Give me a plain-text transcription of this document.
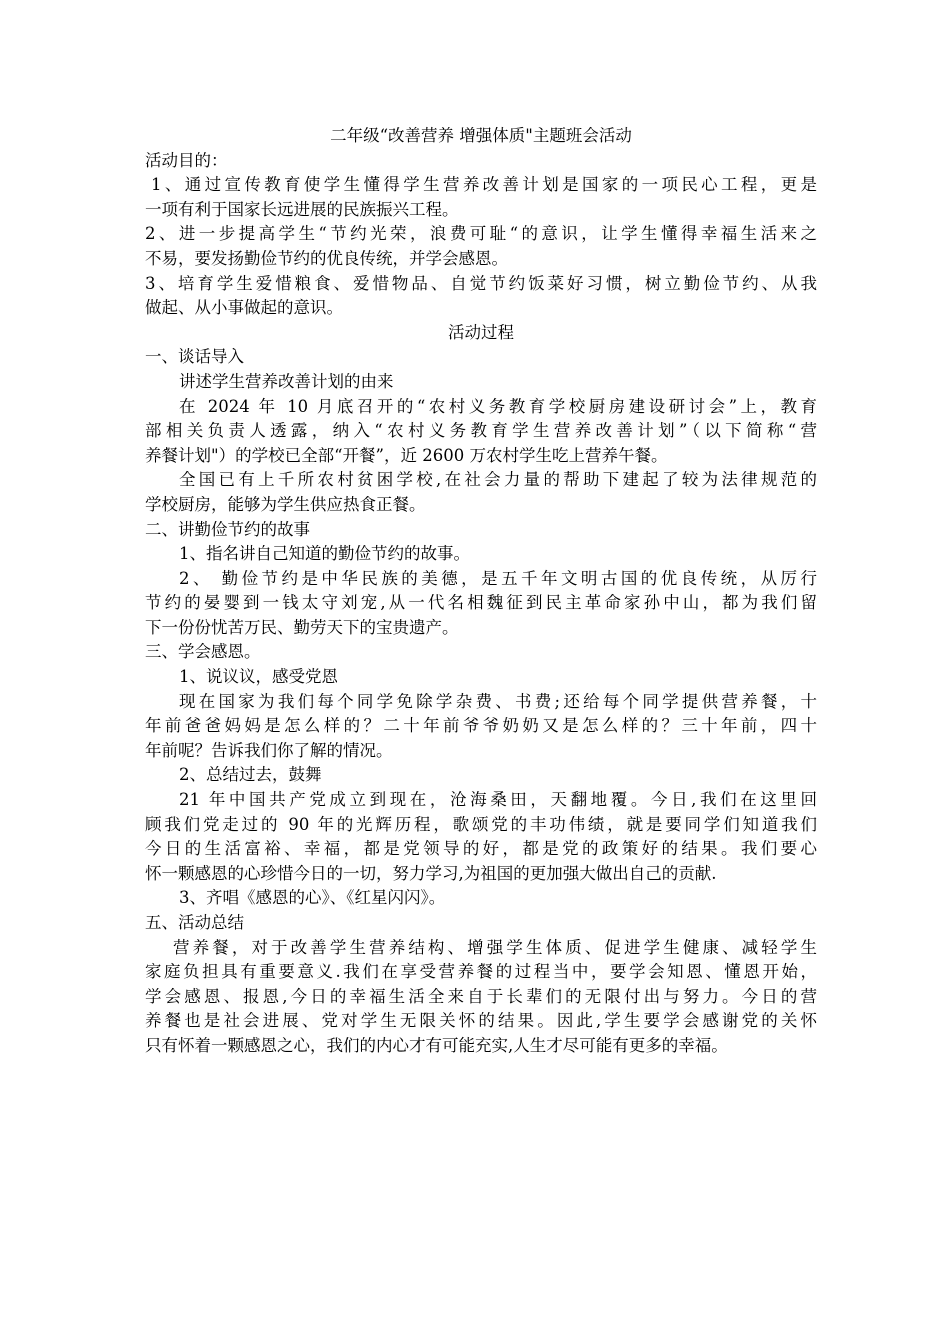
二年级“改善营养 增强体质"主题班会活动
活动目的：
1、通过宣传教育使学生懂得学生营养改善计划是国家的一项民心工程，更是
一项有利于国家长远进展的民族振兴工程。
2、进一步提高学生“节约光荣，浪费可耻“的意识，让学生懂得幸福生活来之
不易，要发扬勤俭节约的优良传统，并学会感恩。
3、培育学生爱惜粮食、爱惜物品、自觉节约饭菜好习惯，树立勤俭节约、从我
做起、从小事做起的意识。
活动过程
一、谈话导入
讲述学生营养改善计划的由来
在 2024 年 10 月底召开的“农村义务教育学校厨房建设研讨会”上，教育
部相关负责人透露，纳入“农村义务教育学生营养改善计划”（以下简称“营
养餐计划"）的学校已全部“开餐”，近 2600 万农村学生吃上营养午餐。
全国已有上千所农村贫困学校,在社会力量的帮助下建起了较为法律规范的
学校厨房，能够为学生供应热食正餐。
二、讲勤俭节约的故事
1、指名讲自己知道的勤俭节约的故事。
2、 勤俭节约是中华民族的美德，是五千年文明古国的优良传统，从厉行
节约的晏婴到一钱太守刘宠,从一代名相魏征到民主革命家孙中山，都为我们留
下一份份忧苦万民、勤劳天下的宝贵遗产。
三、学会感恩。
1、说议议，感受党恩
现在国家为我们每个同学免除学杂费、书费;还给每个同学提供营养餐，十
年前爸爸妈妈是怎么样的？二十年前爷爷奶奶又是怎么样的？三十年前，四十
年前呢？告诉我们你了解的情况。
2、总结过去，鼓舞
21 年中国共产党成立到现在，沧海桑田，天翻地覆。今日,我们在这里回
顾我们党走过的 90 年的光辉历程，歌颂党的丰功伟绩，就是要同学们知道我们
今日的生活富裕、幸福，都是党领导的好，都是党的政策好的结果。我们要心
怀一颗感恩的心珍惜今日的一切，努力学习,为祖国的更加强大做出自己的贡献.
3、齐唱《感恩的心》、《红星闪闪》。
五、活动总结
营养餐，对于改善学生营养结构、增强学生体质、促进学生健康、减轻学生
家庭负担具有重要意义.我们在享受营养餐的过程当中，要学会知恩、懂恩开始，
学会感恩、报恩,今日的幸福生活全来自于长辈们的无限付出与努力。今日的营
养餐也是社会进展、党对学生无限关怀的结果。因此,学生要学会感谢党的关怀
只有怀着一颗感恩之心，我们的内心才有可能充实,人生才尽可能有更多的幸福。
